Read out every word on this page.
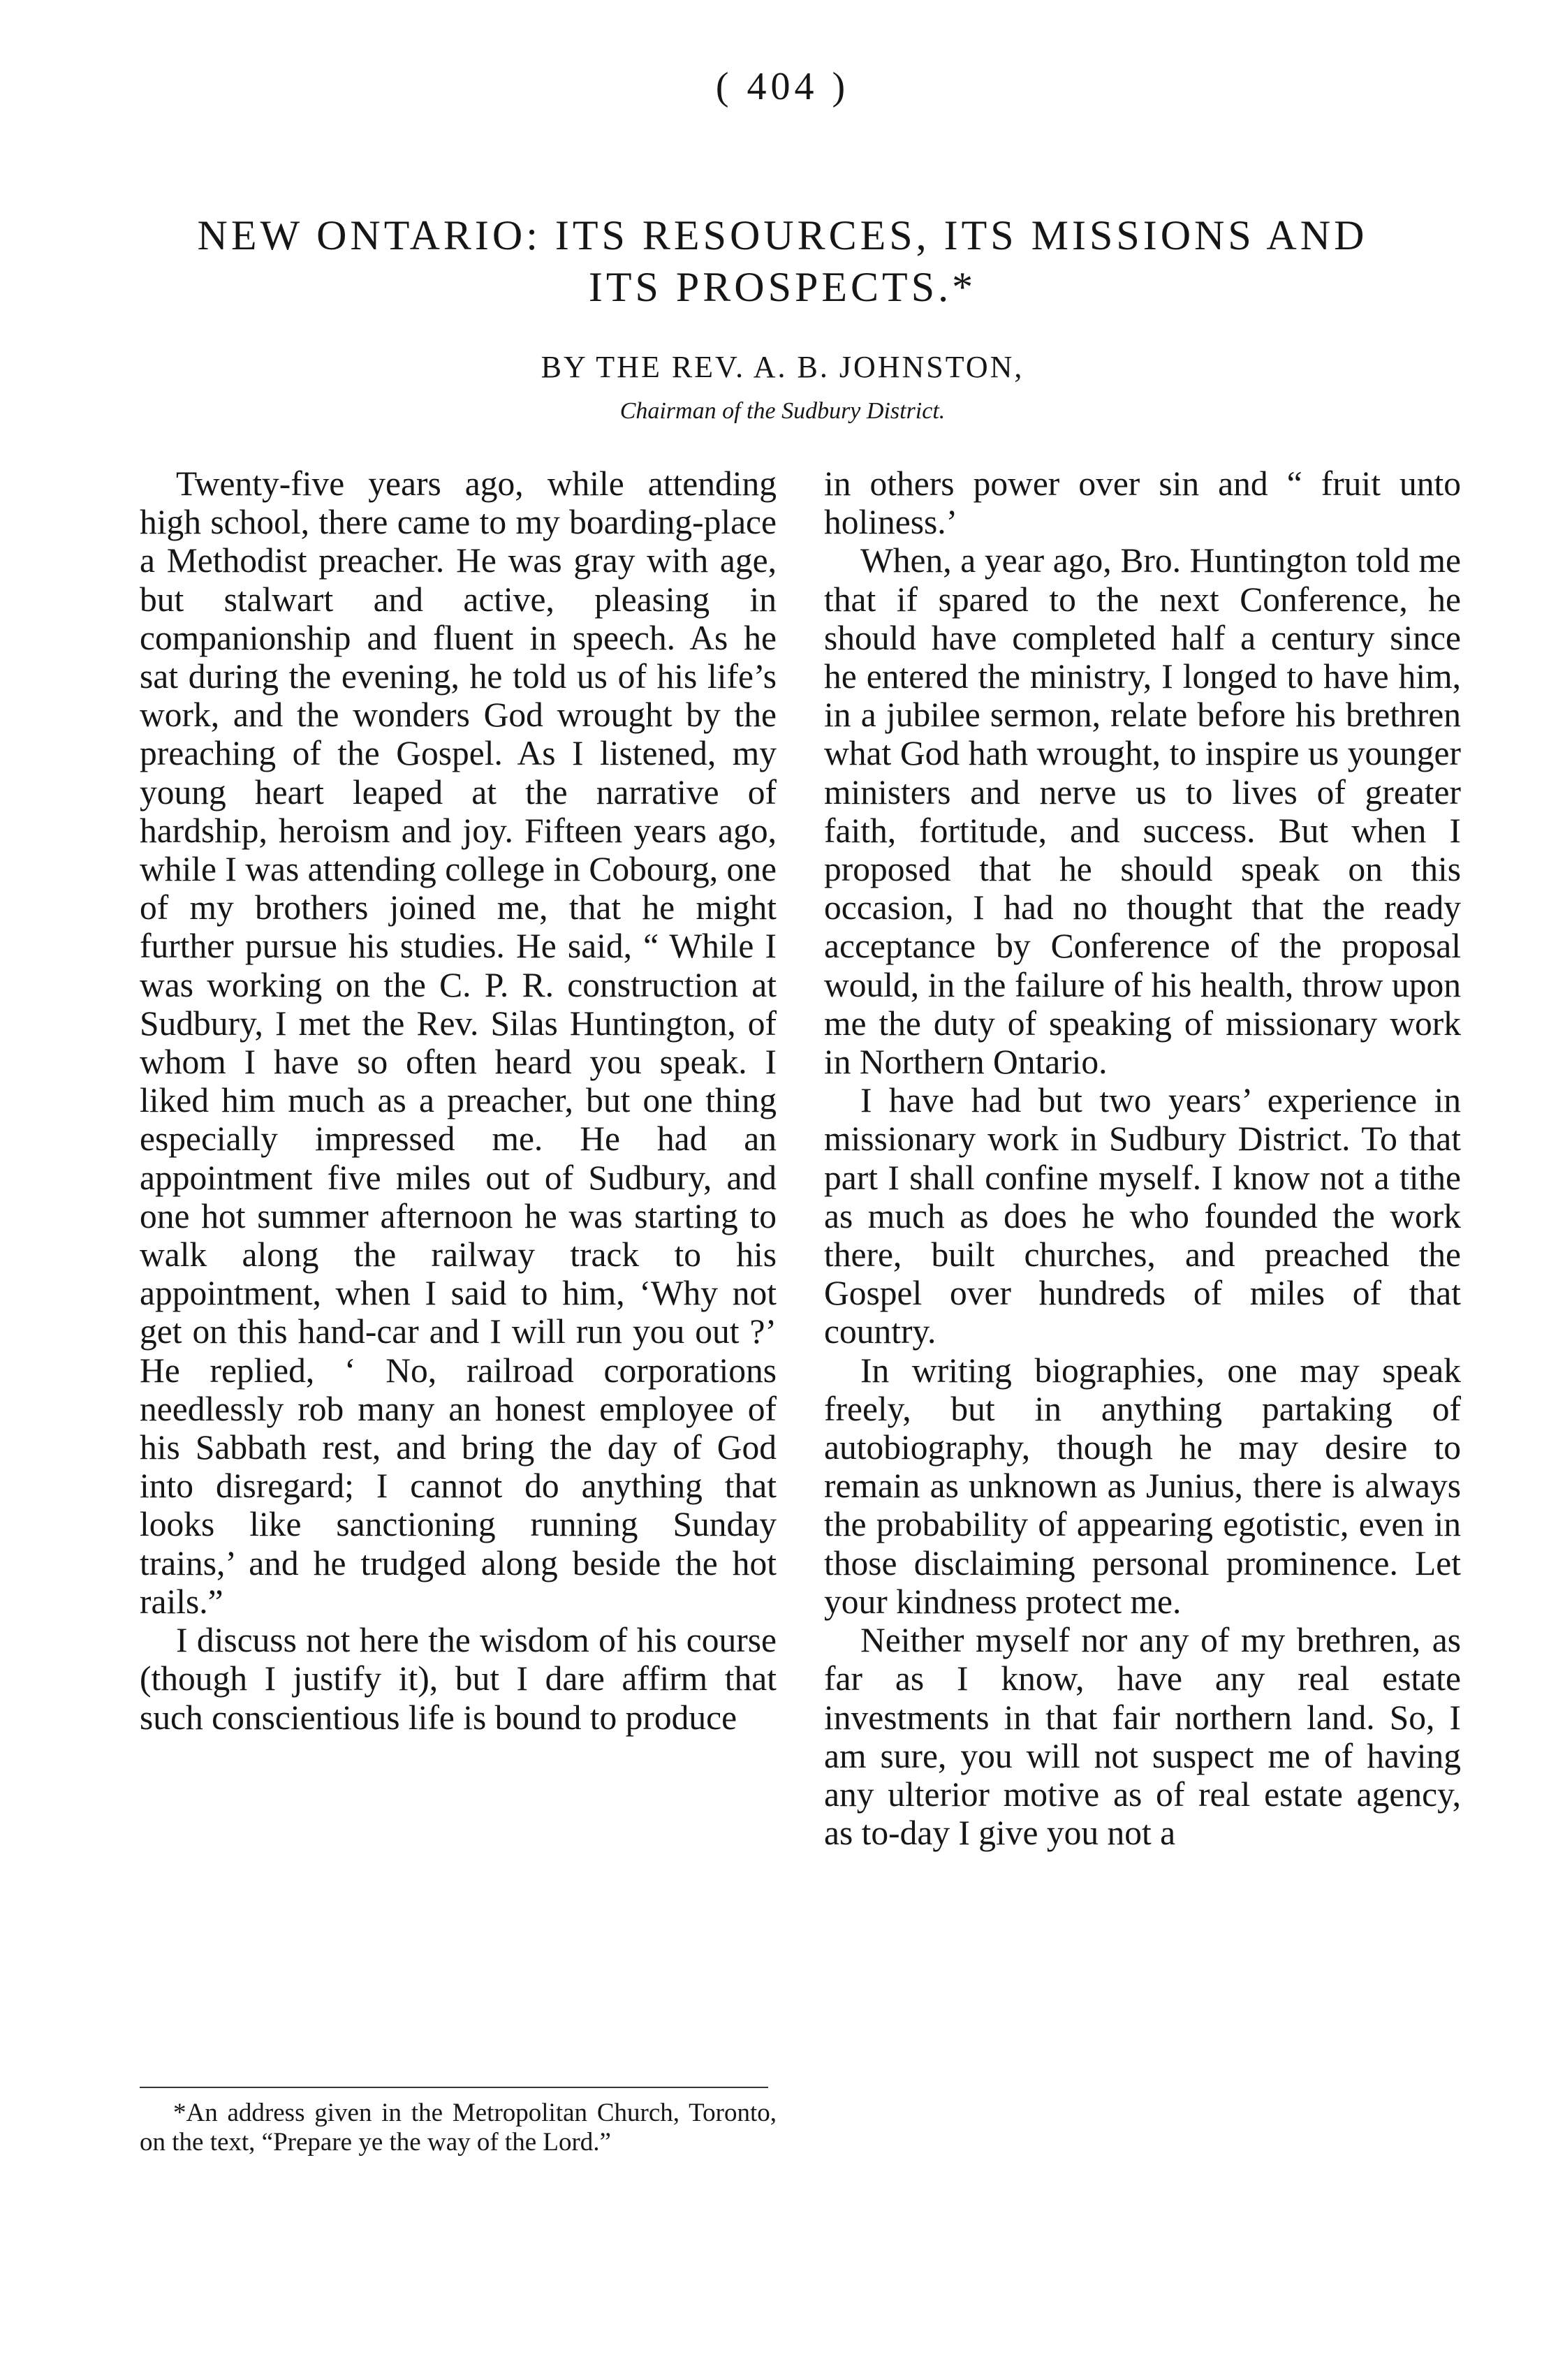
( 404 )
NEW ONTARIO: ITS RESOURCES, ITS MISSIONS AND ITS PROSPECTS.*
BY THE REV. A. B. JOHNSTON,
Chairman of the Sudbury District.

Twenty-five years ago, while attending high school, there came to my boarding-place a Methodist preacher. He was gray with age, but stalwart and active, pleasing in companionship and fluent in speech. As he sat during the evening, he told us of his life’s work, and the wonders God wrought by the preaching of the Gospel. As I listened, my young heart leaped at the narrative of hardship, heroism and joy. Fifteen years ago, while I was attending college in Cobourg, one of my brothers joined me, that he might further pursue his studies. He said, “ While I was working on the C. P. R. construction at Sudbury, I met the Rev. Silas Huntington, of whom I have so often heard you speak. I liked him much as a preacher, but one thing especially impressed me. He had an appointment five miles out of Sudbury, and one hot summer afternoon he was starting to walk along the railway track to his appointment, when I said to him, ‘Why not get on this hand-car and I will run you out ?’ He replied, ‘ No, railroad corporations needlessly rob many an honest employee of his Sabbath rest, and bring the day of God into disregard; I cannot do anything that looks like sanctioning running Sunday trains,’ and he trudged along beside the hot rails.”

I discuss not here the wisdom of his course (though I justify it), but I dare affirm that such conscientious life is bound to produce

in others power over sin and “ fruit unto holiness.’

When, a year ago, Bro. Huntington told me that if spared to the next Conference, he should have completed half a century since he entered the ministry, I longed to have him, in a jubilee sermon, relate before his brethren what God hath wrought, to inspire us younger ministers and nerve us to lives of greater faith, fortitude, and success. But when I proposed that he should speak on this occasion, I had no thought that the ready acceptance by Conference of the proposal would, in the failure of his health, throw upon me the duty of speaking of missionary work in Northern Ontario.

I have had but two years’ experience in missionary work in Sudbury District. To that part I shall confine myself. I know not a tithe as much as does he who founded the work there, built churches, and preached the Gospel over hundreds of miles of that country.

In writing biographies, one may speak freely, but in anything partaking of autobiography, though he may desire to remain as unknown as Junius, there is always the probability of appearing egotistic, even in those disclaiming personal prominence. Let your kindness protect me.

Neither myself nor any of my brethren, as far as I know, have any real estate investments in that fair northern land. So, I am sure, you will not suspect me of having any ulterior motive as of real estate agency, as to-day I give you not a

*An address given in the Metropolitan Church, Toronto, on the text, “Prepare ye the way of the Lord.”
